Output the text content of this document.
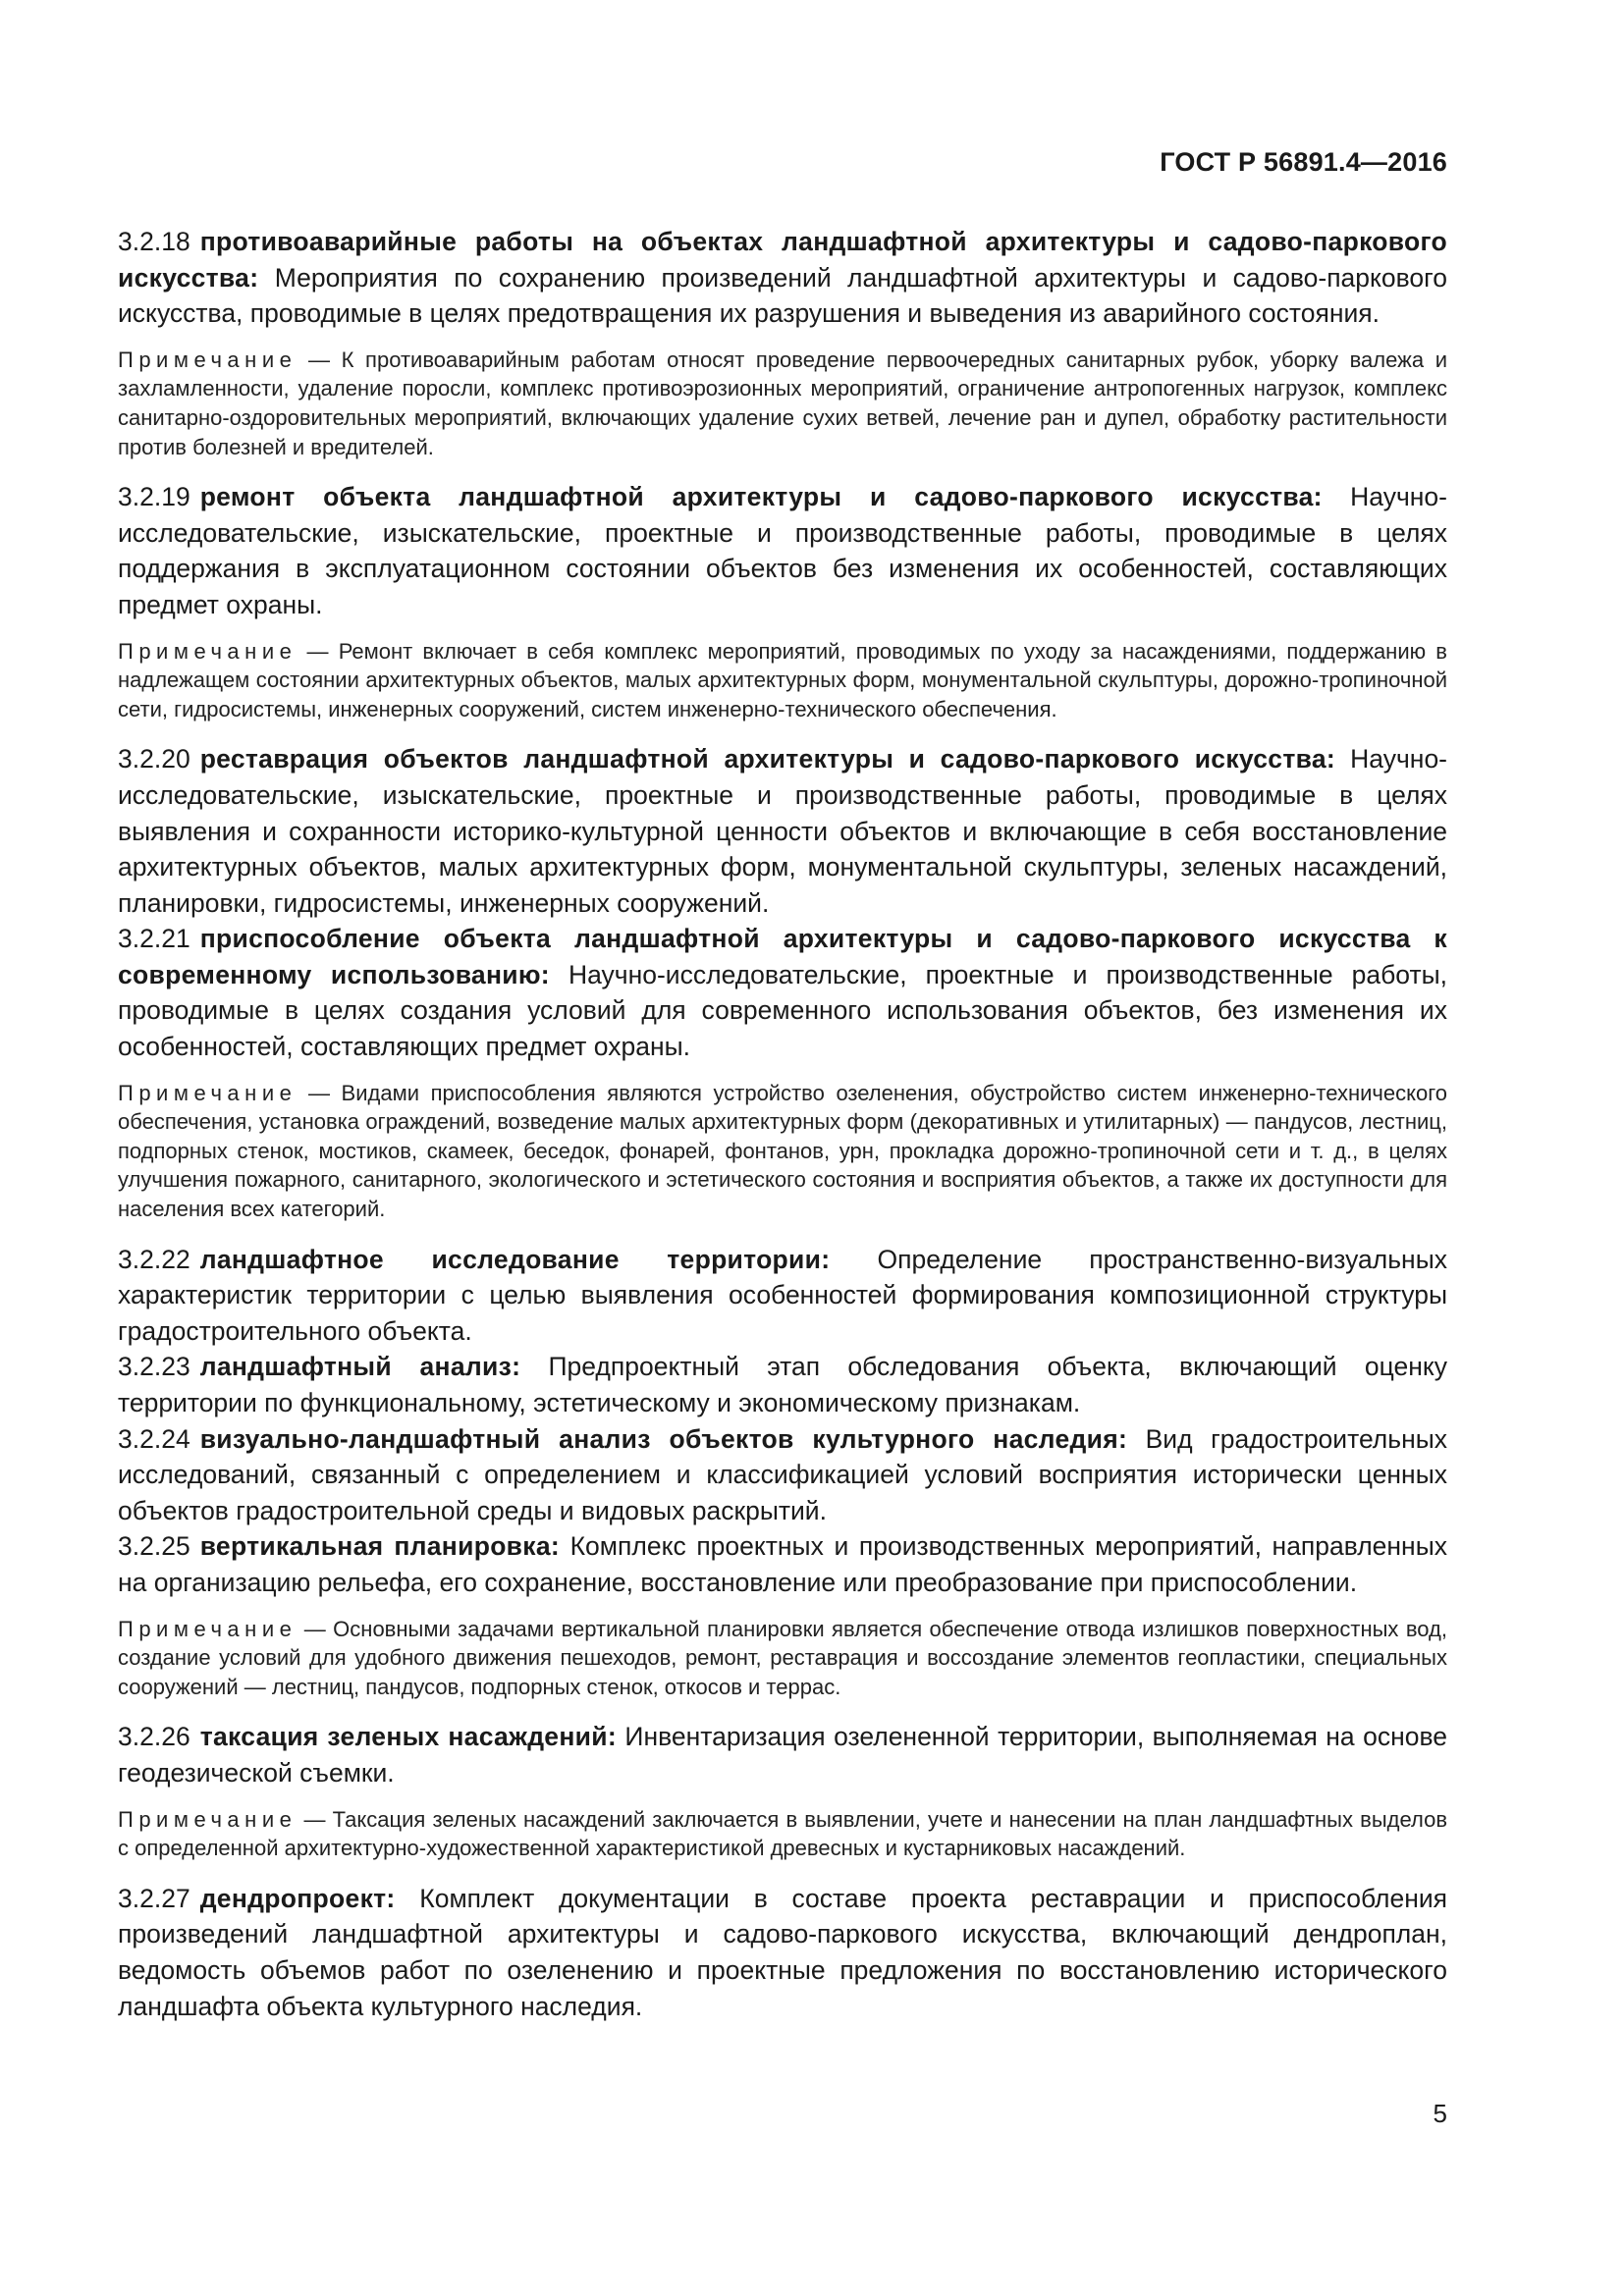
ГОСТ Р 56891.4—2016

3.2.18 противоаварийные работы на объектах ландшафтной архитектуры и садово-паркового искусства: Мероприятия по сохранению произведений ландшафтной архитектуры и садово-паркового искусства, проводимые в целях предотвращения их разрушения и выведения из аварийного состояния.

Примечание — К противоаварийным работам относят проведение первоочередных санитарных рубок, уборку валежа и захламленности, удаление поросли, комплекс противоэрозионных мероприятий, ограничение антропогенных нагрузок, комплекс санитарно-оздоровительных мероприятий, включающих удаление сухих ветвей, лечение ран и дупел, обработку растительности против болезней и вредителей.

3.2.19 ремонт объекта ландшафтной архитектуры и садово-паркового искусства: Научно-исследовательские, изыскательские, проектные и производственные работы, проводимые в целях поддержания в эксплуатационном состоянии объектов без изменения их особенностей, составляющих предмет охраны.

Примечание — Ремонт включает в себя комплекс мероприятий, проводимых по уходу за насаждениями, поддержанию в надлежащем состоянии архитектурных объектов, малых архитектурных форм, монументальной скульптуры, дорожно-тропиночной сети, гидросистемы, инженерных сооружений, систем инженерно-технического обеспечения.

3.2.20 реставрация объектов ландшафтной архитектуры и садово-паркового искусства: Научно-исследовательские, изыскательские, проектные и производственные работы, проводимые в целях выявления и сохранности историко-культурной ценности объектов и включающие в себя восстановление архитектурных объектов, малых архитектурных форм, монументальной скульптуры, зеленых насаждений, планировки, гидросистемы, инженерных сооружений.

3.2.21 приспособление объекта ландшафтной архитектуры и садово-паркового искусства к современному использованию: Научно-исследовательские, проектные и производственные работы, проводимые в целях создания условий для современного использования объектов, без изменения их особенностей, составляющих предмет охраны.

Примечание — Видами приспособления являются устройство озеленения, обустройство систем инженерно-технического обеспечения, установка ограждений, возведение малых архитектурных форм (декоративных и утилитарных) — пандусов, лестниц, подпорных стенок, мостиков, скамеек, беседок, фонарей, фонтанов, урн, прокладка дорожно-тропиночной сети и т. д., в целях улучшения пожарного, санитарного, экологического и эстетического состояния и восприятия объектов, а также их доступности для населения всех категорий.

3.2.22 ландшафтное исследование территории: Определение пространственно-визуальных характеристик территории с целью выявления особенностей формирования композиционной структуры градостроительного объекта.

3.2.23 ландшафтный анализ: Предпроектный этап обследования объекта, включающий оценку территории по функциональному, эстетическому и экономическому признакам.

3.2.24 визуально-ландшафтный анализ объектов культурного наследия: Вид градостроительных исследований, связанный с определением и классификацией условий восприятия исторически ценных объектов градостроительной среды и видовых раскрытий.

3.2.25 вертикальная планировка: Комплекс проектных и производственных мероприятий, направленных на организацию рельефа, его сохранение, восстановление или преобразование при приспособлении.

Примечание — Основными задачами вертикальной планировки является обеспечение отвода излишков поверхностных вод, создание условий для удобного движения пешеходов, ремонт, реставрация и воссоздание элементов геопластики, специальных сооружений — лестниц, пандусов, подпорных стенок, откосов и террас.

3.2.26 таксация зеленых насаждений: Инвентаризация озелененной территории, выполняемая на основе геодезической съемки.

Примечание — Таксация зеленых насаждений заключается в выявлении, учете и нанесении на план ландшафтных выделов с определенной архитектурно-художественной характеристикой древесных и кустарниковых насаждений.

3.2.27 дендропроект: Комплект документации в составе проекта реставрации и приспособления произведений ландшафтной архитектуры и садово-паркового искусства, включающий дендроплан, ведомость объемов работ по озеленению и проектные предложения по восстановлению исторического ландшафта объекта культурного наследия.

5
